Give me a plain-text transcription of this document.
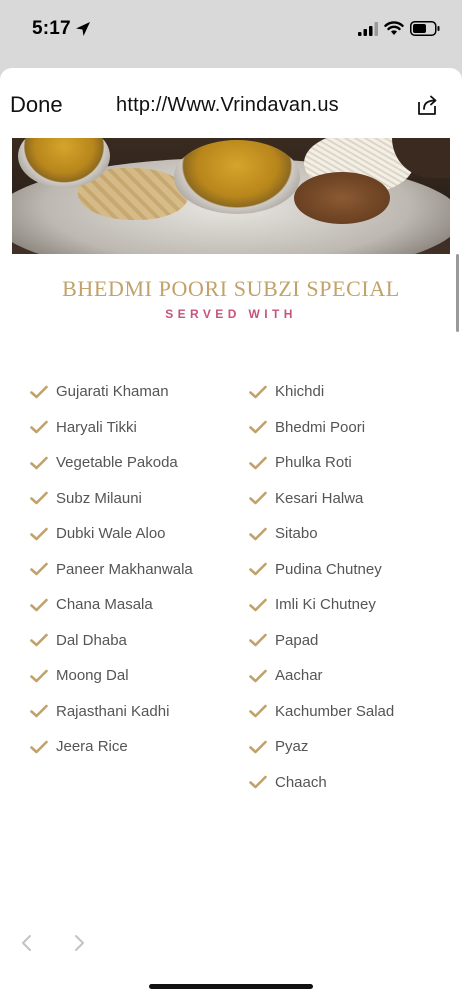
5:17
Done	http://Www.Vrindavan.us
BHEDMI POORI SUBZI SPECIAL
SERVED WITH
Gujarati Khaman
Haryali Tikki
Vegetable Pakoda
Subz Milauni
Dubki Wale Aloo
Paneer Makhanwala
Chana Masala
Dal Dhaba
Moong Dal
Rajasthani Kadhi
Jeera Rice
Khichdi
Bhedmi Poori
Phulka Roti
Kesari Halwa
Sitabo
Pudina Chutney
Imli Ki Chutney
Papad
Aachar
Kachumber Salad
Pyaz
Chaach
